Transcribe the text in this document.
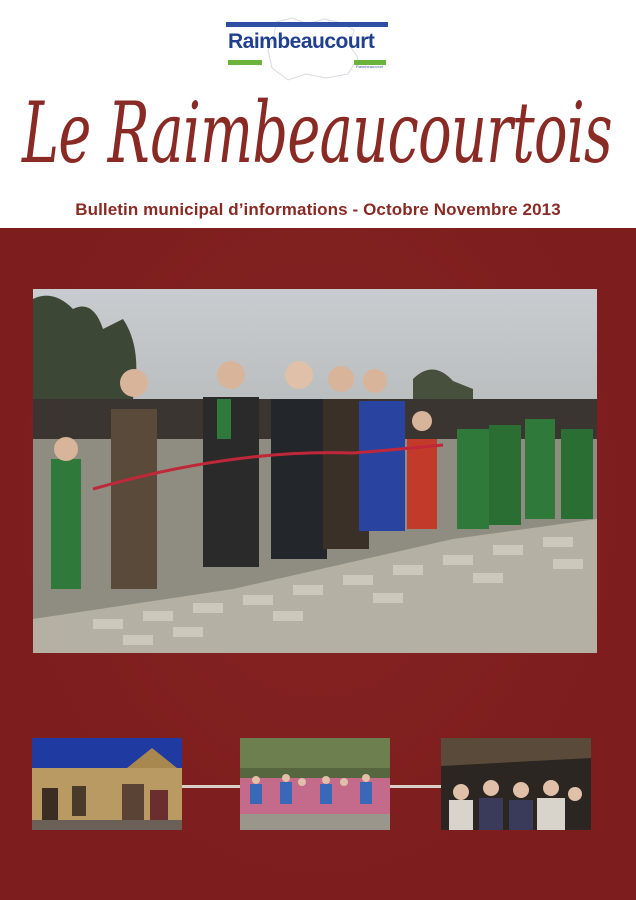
Raimbeaucourt
Raimbeaucourt
Le Raimbeaucourtois
Bulletin municipal d’informations - Octobre Novembre 2013
